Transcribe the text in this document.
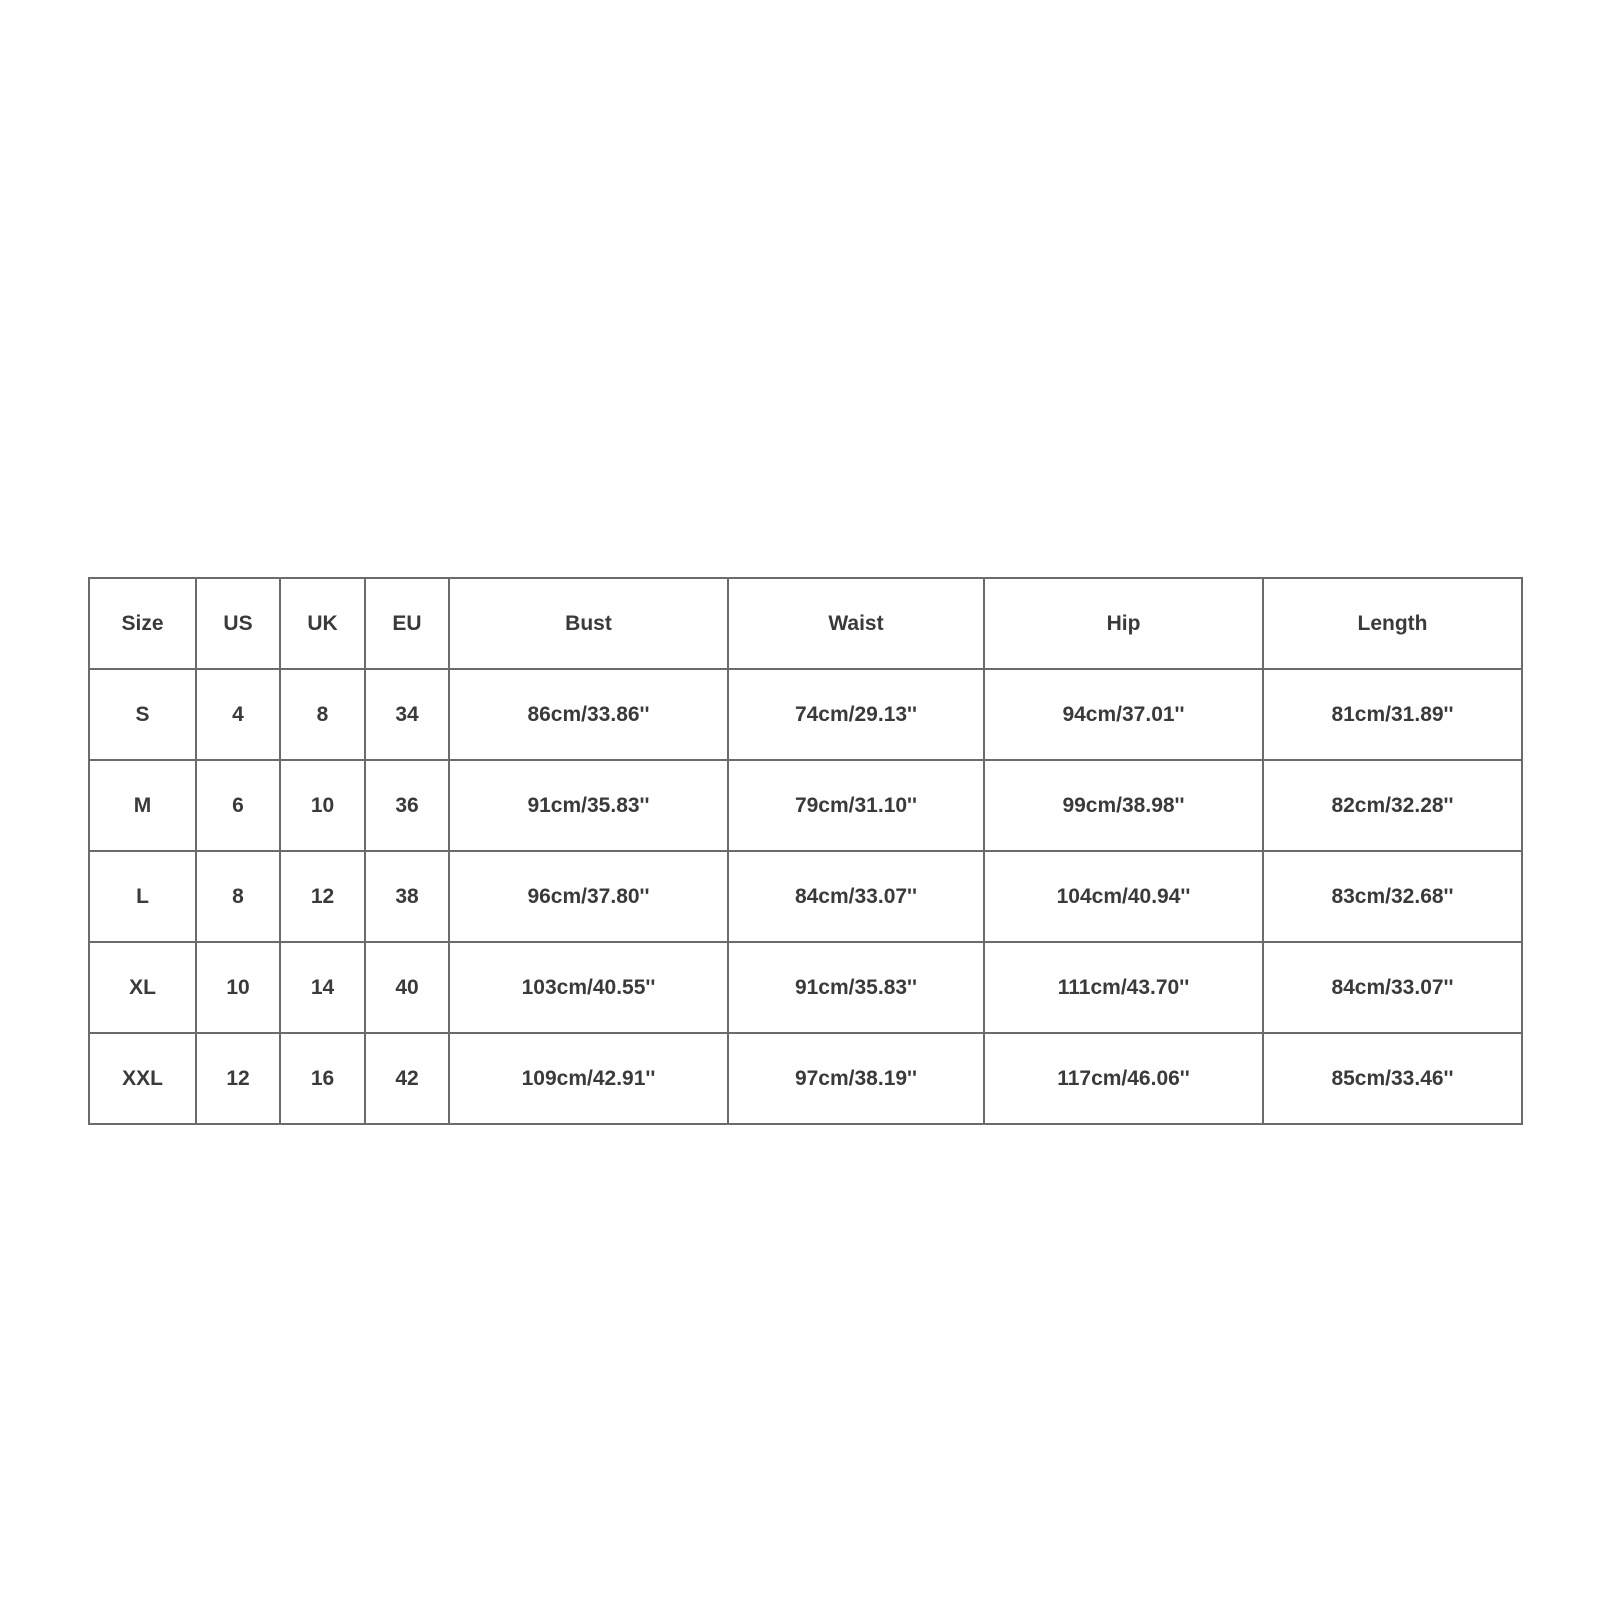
Size	US	UK	EU	Bust	Waist	Hip	Length
S	4	8	34	86cm/33.86''	74cm/29.13''	94cm/37.01''	81cm/31.89''
M	6	10	36	91cm/35.83''	79cm/31.10''	99cm/38.98''	82cm/32.28''
L	8	12	38	96cm/37.80''	84cm/33.07''	104cm/40.94''	83cm/32.68''
XL	10	14	40	103cm/40.55''	91cm/35.83''	111cm/43.70''	84cm/33.07''
XXL	12	16	42	109cm/42.91''	97cm/38.19''	117cm/46.06''	85cm/33.46''
